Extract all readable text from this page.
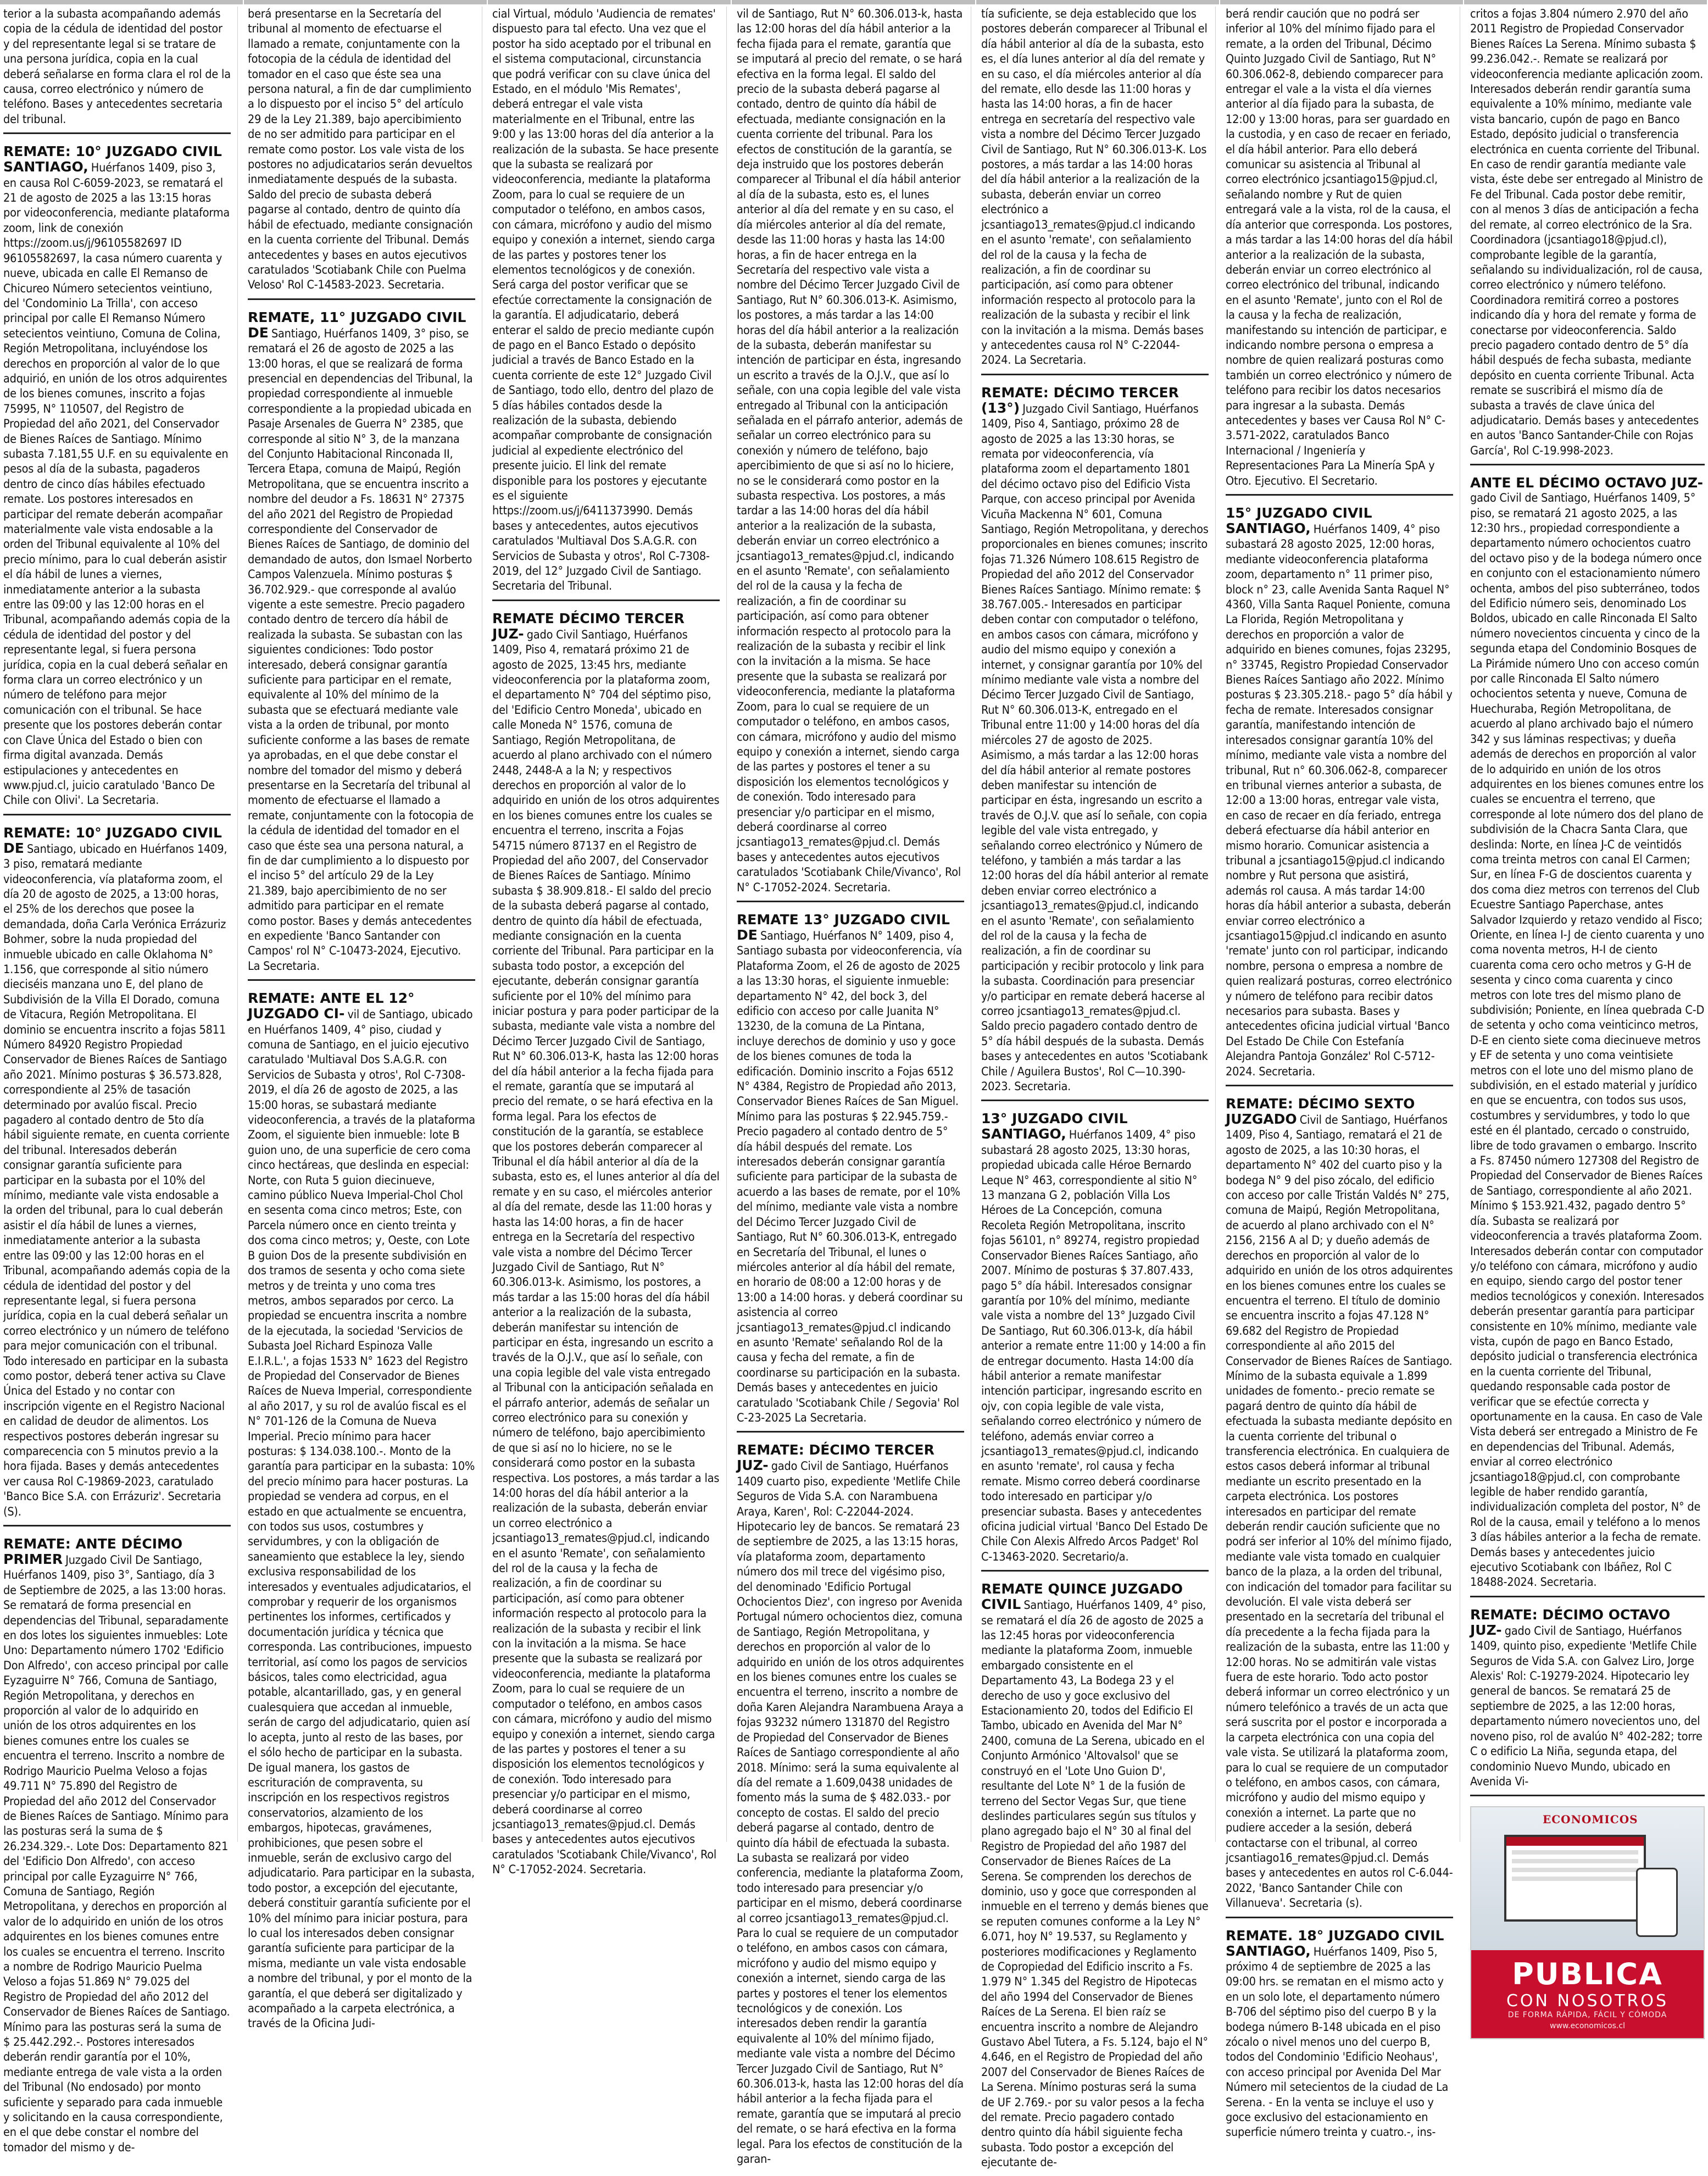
terior a la subasta acompañando además copia de la cédula de identidad del postor y del representante legal si se tratare de una persona jurídica, copia en la cual deberá señalarse en forma clara el rol de la causa, correo electrónico y número de teléfono. Bases y antecedentes secretaria del tribunal.
REMATE: 10° JUZGADO CIVIL SANTIAGO, Huérfanos 1409, piso 3, en causa Rol C-6059-2023, se rematará el 21 de agosto de 2025 a las 13:15 horas por videoconferencia, mediante plataforma zoom, link de conexión https://zoom.us/j/96105582697 ID 96105582697, la casa número cuarenta y nueve, ubicada en calle El Remanso de Chicureo Número setecientos veintiuno, del 'Condominio La Trilla', con acceso principal por calle El Remanso Número setecientos veintiuno, Comuna de Colina, Región Metropolitana, incluyéndose los derechos en proporción al valor de lo que adquirió, en unión de los otros adquirentes de los bienes comunes, inscrito a fojas 75995, N° 110507, del Registro de Propiedad del año 2021, del Conservador de Bienes Raíces de Santiago. Mínimo subasta 7.181,55 U.F. en su equivalente en pesos al día de la subasta, pagaderos dentro de cinco días hábiles efectuado remate. Los postores interesados en participar del remate deberán acompañar materialmente vale vista endosable a la orden del Tribunal equivalente al 10% del precio mínimo, para lo cual deberán asistir el día hábil de lunes a viernes, inmediatamente anterior a la subasta entre las 09:00 y las 12:00 horas en el Tribunal, acompañando además copia de la cédula de identidad del postor y del representante legal, si fuera persona jurídica, copia en la cual deberá señalar en forma clara un correo electrónico y un número de teléfono para mejor comunicación con el tribunal. Se hace presente que los postores deberán contar con Clave Única del Estado o bien con firma digital avanzada. Demás estipulaciones y antecedentes en www.pjud.cl, juicio caratulado 'Banco De Chile con Olivi'. La Secretaria.
REMATE: 10° JUZGADO CIVIL DE Santiago, ubicado en Huérfanos 1409, 3 piso, rematará mediante videoconferencia, vía plataforma zoom, el día 20 de agosto de 2025, a 13:00 horas, el 25% de los derechos que posee la demandada, doña Carla Verónica Errázuriz Bohmer, sobre la nuda propiedad del inmueble ubicado en calle Oklahoma N° 1.156, que corresponde al sitio número dieciséis manzana uno E, del plano de Subdivisión de la Villa El Dorado, comuna de Vitacura, Región Metropolitana. El dominio se encuentra inscrito a fojas 5811 Número 84920 Registro Propiedad Conservador de Bienes Raíces de Santiago año 2021. Mínimo posturas $ 36.573.828, correspondiente al 25% de tasación determinado por avalúo fiscal. Precio pagadero al contado dentro de 5to día hábil siguiente remate, en cuenta corriente del tribunal. Interesados deberán consignar garantía suficiente para participar en la subasta por el 10% del mínimo, mediante vale vista endosable a la orden del tribunal, para lo cual deberán asistir el día hábil de lunes a viernes, inmediatamente anterior a la subasta entre las 09:00 y las 12:00 horas en el Tribunal, acompañando además copia de la cédula de identidad del postor y del representante legal, si fuera persona jurídica, copia en la cual deberá señalar un correo electrónico y un número de teléfono para mejor comunicación con el tribunal. Todo interesado en participar en la subasta como postor, deberá tener activa su Clave Única del Estado y no contar con inscripción vigente en el Registro Nacional en calidad de deudor de alimentos. Los respectivos postores deberán ingresar su comparecencia con 5 minutos previo a la hora fijada. Bases y demás antecedentes ver causa Rol C-19869-2023, caratulado 'Banco Bice S.A. con Errázuriz'. Secretaria (S).
REMATE: ANTE DÉCIMO PRIMER Juzgado Civil De Santiago, Huérfanos 1409, piso 3°, Santiago, día 3 de Septiembre de 2025, a las 13:00 horas. Se rematará de forma presencial en dependencias del Tribunal, separadamente en dos lotes los siguientes inmuebles: Lote Uno: Departamento número 1702 'Edificio Don Alfredo', con acceso principal por calle Eyzaguirre N° 766, Comuna de Santiago, Región Metropolitana, y derechos en proporción al valor de lo adquirido en unión de los otros adquirentes en los bienes comunes entre los cuales se encuentra el terreno. Inscrito a nombre de Rodrigo Mauricio Puelma Veloso a fojas 49.711 N° 75.890 del Registro de Propiedad del año 2012 del Conservador de Bienes Raíces de Santiago. Mínimo para las posturas será la suma de $ 26.234.329.-. Lote Dos: Departamento 821 del 'Edificio Don Alfredo', con acceso principal por calle Eyzaguirre N° 766, Comuna de Santiago, Región Metropolitana, y derechos en proporción al valor de lo adquirido en unión de los otros adquirentes en los bienes comunes entre los cuales se encuentra el terreno. Inscrito a nombre de Rodrigo Mauricio Puelma Veloso a fojas 51.869 N° 79.025 del Registro de Propiedad del año 2012 del Conservador de Bienes Raíces de Santiago. Mínimo para las posturas será la suma de $ 25.442.292.-. Postores interesados deberán rendir garantía por el 10%, mediante entrega de vale vista a la orden del Tribunal (No endosado) por monto suficiente y separado para cada inmueble y solicitando en la causa correspondiente, en el que debe constar el nombre del tomador del mismo y de-
berá presentarse en la Secretaría del tribunal al momento de efectuarse el llamado a remate, conjuntamente con la fotocopia de la cédula de identidad del tomador en el caso que éste sea una persona natural, a fin de dar cumplimiento a lo dispuesto por el inciso 5° del artículo 29 de la Ley 21.389, bajo apercibimiento de no ser admitido para participar en el remate como postor. Los vale vista de los postores no adjudicatarios serán devueltos inmediatamente después de la subasta. Saldo del precio de subasta deberá pagarse al contado, dentro de quinto día hábil de efectuado, mediante consignación en la cuenta corriente del Tribunal. Demás antecedentes y bases en autos ejecutivos caratulados 'Scotiabank Chile con Puelma Veloso' Rol C-14583-2023. Secretaria.
REMATE, 11° JUZGADO CIVIL DE Santiago, Huérfanos 1409, 3° piso, se rematará el 26 de agosto de 2025 a las 13:00 horas, el que se realizará de forma presencial en dependencias del Tribunal, la propiedad correspondiente al inmueble correspondiente a la propiedad ubicada en Pasaje Arsenales de Guerra N° 2385, que corresponde al sitio N° 3, de la manzana del Conjunto Habitacional Rinconada II, Tercera Etapa, comuna de Maipú, Región Metropolitana, que se encuentra inscrito a nombre del deudor a Fs. 18631 N° 27375 del año 2021 del Registro de Propiedad correspondiente del Conservador de Bienes Raíces de Santiago, de dominio del demandado de autos, don Ismael Norberto Campos Valenzuela. Mínimo posturas $ 36.702.929.- que corresponde al avalúo vigente a este semestre. Precio pagadero contado dentro de tercero día hábil de realizada la subasta. Se subastan con las siguientes condiciones: Todo postor interesado, deberá consignar garantía suficiente para participar en el remate, equivalente al 10% del mínimo de la subasta que se efectuará mediante vale vista a la orden de tribunal, por monto suficiente conforme a las bases de remate ya aprobadas, en el que debe constar el nombre del tomador del mismo y deberá presentarse en la Secretaría del tribunal al momento de efectuarse el llamado a remate, conjuntamente con la fotocopia de la cédula de identidad del tomador en el caso que éste sea una persona natural, a fin de dar cumplimiento a lo dispuesto por el inciso 5° del artículo 29 de la Ley 21.389, bajo apercibimiento de no ser admitido para participar en el remate como postor. Bases y demás antecedentes en expediente 'Banco Santander con Campos' rol N° C-10473-2024, Ejecutivo. La Secretaria.
REMATE: ANTE EL 12° JUZGADO CI- vil de Santiago, ubicado en Huérfanos 1409, 4° piso, ciudad y comuna de Santiago, en el juicio ejecutivo caratulado 'Multiaval Dos S.A.G.R. con Servicios de Subasta y otros', Rol C-7308-2019, el día 26 de agosto de 2025, a las 15:00 horas, se subastará mediante videoconferencia, a través de la plataforma Zoom, el siguiente bien inmueble: lote B guion uno, de una superficie de cero coma cinco hectáreas, que deslinda en especial: Norte, con Ruta 5 guion diecinueve, camino público Nueva Imperial-Chol Chol en sesenta coma cinco metros; Este, con Parcela número once en ciento treinta y dos coma cinco metros; y, Oeste, con Lote B guion Dos de la presente subdivisión en dos tramos de sesenta y ocho coma siete metros y de treinta y uno coma tres metros, ambos separados por cerco. La propiedad se encuentra inscrita a nombre de la ejecutada, la sociedad 'Servicios de Subasta Joel Richard Espinoza Valle E.I.R.L.', a fojas 1533 N° 1623 del Registro de Propiedad del Conservador de Bienes Raíces de Nueva Imperial, correspondiente al año 2017, y su rol de avalúo fiscal es el N° 701-126 de la Comuna de Nueva Imperial. Precio mínimo para hacer posturas: $ 134.038.100.-. Monto de la garantía para participar en la subasta: 10% del precio mínimo para hacer posturas. La propiedad se vendera ad corpus, en el estado en que actualmente se encuentra, con todos sus usos, costumbres y servidumbres, y con la obligación de saneamiento que establece la ley, siendo exclusiva responsabilidad de los interesados y eventuales adjudicatarios, el comprobar y requerir de los organismos pertinentes los informes, certificados y documentación jurídica y técnica que corresponda. Las contribuciones, impuesto territorial, así como los pagos de servicios básicos, tales como electricidad, agua potable, alcantarillado, gas, y en general cualesquiera que accedan al inmueble, serán de cargo del adjudicatario, quien así lo acepta, junto al resto de las bases, por el sólo hecho de participar en la subasta. De igual manera, los gastos de escrituración de compraventa, su inscripción en los respectivos registros conservatorios, alzamiento de los embargos, hipotecas, gravámenes, prohibiciones, que pesen sobre el inmueble, serán de exclusivo cargo del adjudicatario. Para participar en la subasta, todo postor, a excepción del ejecutante, deberá constituir garantía suficiente por el 10% del mínimo para iniciar postura, para lo cual los interesados deben consignar garantía suficiente para participar de la misma, mediante un vale vista endosable a nombre del tribunal, y por el monto de la garantía, el que deberá ser digitalizado y acompañado a la carpeta electrónica, a través de la Oficina Judi-
cial Virtual, módulo 'Audiencia de remates' dispuesto para tal efecto. Una vez que el postor ha sido aceptado por el tribunal en el sistema computacional, circunstancia que podrá verificar con su clave única del Estado, en el módulo 'Mis Remates', deberá entregar el vale vista materialmente en el Tribunal, entre las 9:00 y las 13:00 horas del día anterior a la realización de la subasta. Se hace presente que la subasta se realizará por videoconferencia, mediante la plataforma Zoom, para lo cual se requiere de un computador o teléfono, en ambos casos, con cámara, micrófono y audio del mismo equipo y conexión a internet, siendo carga de las partes y postores tener los elementos tecnológicos y de conexión. Será carga del postor verificar que se efectúe correctamente la consignación de la garantía. El adjudicatario, deberá enterar el saldo de precio mediante cupón de pago en el Banco Estado o depósito judicial a través de Banco Estado en la cuenta corriente de este 12° Juzgado Civil de Santiago, todo ello, dentro del plazo de 5 días hábiles contados desde la realización de la subasta, debiendo acompañar comprobante de consignación judicial al expediente electrónico del presente juicio. El link del remate disponible para los postores y ejecutante es el siguiente https://zoom.us/j/6411373990. Demás bases y antecedentes, autos ejecutivos caratulados 'Multiaval Dos S.A.G.R. con Servicios de Subasta y otros', Rol C-7308-2019, del 12° Juzgado Civil de Santiago. Secretaria del Tribunal.
REMATE DÉCIMO TERCER JUZ- gado Civil Santiago, Huérfanos 1409, Piso 4, rematará próximo 21 de agosto de 2025, 13:45 hrs, mediante videoconferencia por la plataforma zoom, el departamento N° 704 del séptimo piso, del 'Edificio Centro Moneda', ubicado en calle Moneda N° 1576, comuna de Santiago, Región Metropolitana, de acuerdo al plano archivado con el número 2448, 2448-A a la N; y respectivos derechos en proporción al valor de lo adquirido en unión de los otros adquirentes en los bienes comunes entre los cuales se encuentra el terreno, inscrita a Fojas 54715 número 87137 en el Registro de Propiedad del año 2007, del Conservador de Bienes Raíces de Santiago. Mínimo subasta $ 38.909.818.- El saldo del precio de la subasta deberá pagarse al contado, dentro de quinto día hábil de efectuada, mediante consignación en la cuenta corriente del Tribunal. Para participar en la subasta todo postor, a excepción del ejecutante, deberán consignar garantía suficiente por el 10% del mínimo para iniciar postura y para poder participar de la subasta, mediante vale vista a nombre del Décimo Tercer Juzgado Civil de Santiago, Rut N° 60.306.013-K, hasta las 12:00 horas del día hábil anterior a la fecha fijada para el remate, garantía que se imputará al precio del remate, o se hará efectiva en la forma legal. Para los efectos de constitución de la garantía, se establece que los postores deberán comparecer al Tribunal el día hábil anterior al día de la subasta, esto es, el lunes anterior al día del remate y en su caso, el miércoles anterior al día del remate, desde las 11:00 horas y hasta las 14:00 horas, a fin de hacer entrega en la Secretaría del respectivo vale vista a nombre del Décimo Tercer Juzgado Civil de Santiago, Rut N° 60.306.013-k. Asimismo, los postores, a más tardar a las 15:00 horas del día hábil anterior a la realización de la subasta, deberán manifestar su intención de participar en ésta, ingresando un escrito a través de la O.J.V., que así lo señale, con una copia legible del vale vista entregado al Tribunal con la anticipación señalada en el párrafo anterior, además de señalar un correo electrónico para su conexión y número de teléfono, bajo apercibimiento de que si así no lo hiciere, no se le considerará como postor en la subasta respectiva. Los postores, a más tardar a las 14:00 horas del día hábil anterior a la realización de la subasta, deberán enviar un correo electrónico a jcsantiago13_remates@pjud.cl, indicando en el asunto 'Remate', con señalamiento del rol de la causa y la fecha de realización, a fin de coordinar su participación, así como para obtener información respecto al protocolo para la realización de la subasta y recibir el link con la invitación a la misma. Se hace presente que la subasta se realizará por videoconferencia, mediante la plataforma Zoom, para lo cual se requiere de un computador o teléfono, en ambos casos con cámara, micrófono y audio del mismo equipo y conexión a internet, siendo carga de las partes y postores el tener a su disposición los elementos tecnológicos y de conexión. Todo interesado para presenciar y/o participar en el mismo, deberá coordinarse al correo jcsantiago13_remates@pjud.cl. Demás bases y antecedentes autos ejecutivos caratulados 'Scotiabank Chile/Vivanco', Rol N° C-17052-2024. Secretaria.
vil de Santiago, Rut N° 60.306.013-k, hasta las 12:00 horas del día hábil anterior a la fecha fijada para el remate, garantía que se imputará al precio del remate, o se hará efectiva en la forma legal. El saldo del precio de la subasta deberá pagarse al contado, dentro de quinto día hábil de efectuada, mediante consignación en la cuenta corriente del tribunal. Para los efectos de constitución de la garantía, se deja instruido que los postores deberán comparecer al Tribunal el día hábil anterior al día de la subasta, esto es, el lunes anterior al día del remate y en su caso, el día miércoles anterior al día del remate, desde las 11:00 horas y hasta las 14:00 horas, a fin de hacer entrega en la Secretaría del respectivo vale vista a nombre del Décimo Tercer Juzgado Civil de Santiago, Rut N° 60.306.013-K. Asimismo, los postores, a más tardar a las 14:00 horas del día hábil anterior a la realización de la subasta, deberán manifestar su intención de participar en ésta, ingresando un escrito a través de la O.J.V., que así lo señale, con una copia legible del vale vista entregado al Tribunal con la anticipación señalada en el párrafo anterior, además de señalar un correo electrónico para su conexión y número de teléfono, bajo apercibimiento de que si así no lo hiciere, no se le considerará como postor en la subasta respectiva. Los postores, a más tardar a las 14:00 horas del día hábil anterior a la realización de la subasta, deberán enviar un correo electrónico a jcsantiago13_remates@pjud.cl, indicando en el asunto 'Remate', con señalamiento del rol de la causa y la fecha de realización, a fin de coordinar su participación, así como para obtener información respecto al protocolo para la realización de la subasta y recibir el link con la invitación a la misma. Se hace presente que la subasta se realizará por videoconferencia, mediante la plataforma Zoom, para lo cual se requiere de un computador o teléfono, en ambos casos, con cámara, micrófono y audio del mismo equipo y conexión a internet, siendo carga de las partes y postores el tener a su disposición los elementos tecnológicos y de conexión. Todo interesado para presenciar y/o participar en el mismo, deberá coordinarse al correo jcsantiago13_remates@pjud.cl. Demás bases y antecedentes autos ejecutivos caratulados 'Scotiabank Chile/Vivanco', Rol N° C-17052-2024. Secretaria.
REMATE 13° JUZGADO CIVIL DE Santiago, Huérfanos N° 1409, piso 4, Santiago subasta por videoconferencia, vía Plataforma Zoom, el 26 de agosto de 2025 a las 13:30 horas, el siguiente inmueble: departamento N° 42, del bock 3, del edificio con acceso por calle Juanita N° 13230, de la comuna de La Pintana, incluye derechos de dominio y uso y goce de los bienes comunes de toda la edificación. Dominio inscrito a Fojas 6512 N° 4384, Registro de Propiedad año 2013, Conservador Bienes Raíces de San Miguel. Mínimo para las posturas $ 22.945.759.- Precio pagadero al contado dentro de 5° día hábil después del remate. Los interesados deberán consignar garantía suficiente para participar de la subasta de acuerdo a las bases de remate, por el 10% del mínimo, mediante vale vista a nombre del Décimo Tercer Juzgado Civil de Santiago, Rut N° 60.306.013-K, entregado en Secretaría del Tribunal, el lunes o miércoles anterior al día hábil del remate, en horario de 08:00 a 12:00 horas y de 13:00 a 14:00 horas. y deberá coordinar su asistencia al correo jcsantiago13_remates@pjud.cl indicando en asunto 'Remate' señalando Rol de la causa y fecha del remate, a fin de coordinarse su participación en la subasta. Demás bases y antecedentes en juicio caratulado 'Scotiabank Chile / Segovia' Rol C-23-2025 La Secretaria.
REMATE: DÉCIMO TERCER JUZ- gado Civil de Santiago, Huérfanos 1409 cuarto piso, expediente 'Metlife Chile Seguros de Vida S.A. con Narambuena Araya, Karen', Rol: C-22044-2024. Hipotecario ley de bancos. Se rematará 23 de septiembre de 2025, a las 13:15 horas, vía plataforma zoom, departamento número dos mil trece del vigésimo piso, del denominado 'Edificio Portugal Ochocientos Diez', con ingreso por Avenida Portugal número ochocientos diez, comuna de Santiago, Región Metropolitana, y derechos en proporción al valor de lo adquirido en unión de los otros adquirentes en los bienes comunes entre los cuales se encuentra el terreno, inscrito a nombre de doña Karen Alejandra Narambuena Araya a fojas 93232 número 131870 del Registro de Propiedad del Conservador de Bienes Raíces de Santiago correspondiente al año 2018. Mínimo: será la suma equivalente al día del remate a 1.609,0438 unidades de fomento más la suma de $ 482.033.- por concepto de costas. El saldo del precio deberá pagarse al contado, dentro de quinto día hábil de efectuada la subasta. La subasta se realizará por video conferencia, mediante la plataforma Zoom, todo interesado para presenciar y/o participar en el mismo, deberá coordinarse al correo jcsantiago13_remates@pjud.cl. Para lo cual se requiere de un computador o teléfono, en ambos casos con cámara, micrófono y audio del mismo equipo y conexión a internet, siendo carga de las partes y postores el tener los elementos tecnológicos y de conexión. Los interesados deben rendir la garantía equivalente al 10% del mínimo fijado, mediante vale vista a nombre del Décimo Tercer Juzgado Civil de Santiago, Rut N° 60.306.013-k, hasta las 12:00 horas del día hábil anterior a la fecha fijada para el remate, garantía que se imputará al precio del remate, o se hará efectiva en la forma legal. Para los efectos de constitución de la garan-
tía suficiente, se deja establecido que los postores deberán comparecer al Tribunal el día hábil anterior al día de la subasta, esto es, el día lunes anterior al día del remate y en su caso, el día miércoles anterior al día del remate, ello desde las 11:00 horas y hasta las 14:00 horas, a fin de hacer entrega en secretaría del respectivo vale vista a nombre del Décimo Tercer Juzgado Civil de Santiago, Rut N° 60.306.013-K. Los postores, a más tardar a las 14:00 horas del día hábil anterior a la realización de la subasta, deberán enviar un correo electrónico a jcsantiago13_remates@pjud.cl indicando en el asunto 'remate', con señalamiento del rol de la causa y la fecha de realización, a fin de coordinar su participación, así como para obtener información respecto al protocolo para la realización de la subasta y recibir el link con la invitación a la misma. Demás bases y antecedentes causa rol N° C-22044-2024. La Secretaria.
REMATE: DÉCIMO TERCER (13°) Juzgado Civil Santiago, Huérfanos 1409, Piso 4, Santiago, próximo 28 de agosto de 2025 a las 13:30 horas, se remata por videoconferencia, vía plataforma zoom el departamento 1801 del décimo octavo piso del Edificio Vista Parque, con acceso principal por Avenida Vicuña Mackenna N° 601, Comuna Santiago, Región Metropolitana, y derechos proporcionales en bienes comunes; inscrito fojas 71.326 Número 108.615 Registro de Propiedad del año 2012 del Conservador Bienes Raíces Santiago. Mínimo remate: $ 38.767.005.- Interesados en participar deben contar con computador o teléfono, en ambos casos con cámara, micrófono y audio del mismo equipo y conexión a internet, y consignar garantía por 10% del mínimo mediante vale vista a nombre del Décimo Tercer Juzgado Civil de Santiago, Rut N° 60.306.013-K, entregado en el Tribunal entre 11:00 y 14:00 horas del día miércoles 27 de agosto de 2025. Asimismo, a más tardar a las 12:00 horas del día hábil anterior al remate postores deben manifestar su intención de participar en ésta, ingresando un escrito a través de O.J.V. que así lo señale, con copia legible del vale vista entregado, y señalando correo electrónico y Número de teléfono, y también a más tardar a las 12:00 horas del día hábil anterior al remate deben enviar correo electrónico a jcsantiago13_remates@pjud.cl, indicando en el asunto 'Remate', con señalamiento del rol de la causa y la fecha de realización, a fin de coordinar su participación y recibir protocolo y link para la subasta. Coordinación para presenciar y/o participar en remate deberá hacerse al correo jcsantiago13_remates@pjud.cl. Saldo precio pagadero contado dentro de 5° día hábil después de la subasta. Demás bases y antecedentes en autos 'Scotiabank Chile / Aguilera Bustos', Rol C—10.390-2023. Secretaria.
13° JUZGADO CIVIL SANTIAGO, Huérfanos 1409, 4° piso subastará 28 agosto 2025, 13:30 horas, propiedad ubicada calle Héroe Bernardo Leque N° 463, correspondiente al sitio N° 13 manzana G 2, población Villa Los Héroes de La Concepción, comuna Recoleta Región Metropolitana, inscrito fojas 56101, n° 89274, registro propiedad Conservador Bienes Raíces Santiago, año 2007. Mínimo de posturas $ 37.807.433, pago 5° día hábil. Interesados consignar garantía por 10% del mínimo, mediante vale vista a nombre del 13° Juzgado Civil De Santiago, Rut 60.306.013-k, día hábil anterior a remate entre 11:00 y 14:00 a fin de entregar documento. Hasta 14:00 día hábil anterior a remate manifestar intención participar, ingresando escrito en ojv, con copia legible de vale vista, señalando correo electrónico y número de teléfono, además enviar correo a jcsantiago13_remates@pjud.cl, indicando en asunto 'remate', rol causa y fecha remate. Mismo correo deberá coordinarse todo interesado en participar y/o presenciar subasta. Bases y antecedentes oficina judicial virtual 'Banco Del Estado De Chile Con Alexis Alfredo Arcos Padget' Rol C-13463-2020. Secretario/a.
REMATE QUINCE JUZGADO CIVIL Santiago, Huérfanos 1409, 4° piso, se rematará el día 26 de agosto de 2025 a las 12:45 horas por videoconferencia mediante la plataforma Zoom, inmueble embargado consistente en el Departamento 43, La Bodega 23 y el derecho de uso y goce exclusivo del Estacionamiento 20, todos del Edificio El Tambo, ubicado en Avenida del Mar N° 2400, comuna de La Serena, ubicado en el Conjunto Armónico 'Altovalsol' que se construyó en el 'Lote Uno Guion D', resultante del Lote N° 1 de la fusión de terreno del Sector Vegas Sur, que tiene deslindes particulares según sus títulos y plano agregado bajo el N° 30 al final del Registro de Propiedad del año 1987 del Conservador de Bienes Raíces de La Serena. Se comprenden los derechos de dominio, uso y goce que corresponden al inmueble en el terreno y demás bienes que se reputen comunes conforme a la Ley N° 6.071, hoy N° 19.537, su Reglamento y posteriores modificaciones y Reglamento de Copropiedad del Edificio inscrito a Fs. 1.979 N° 1.345 del Registro de Hipotecas del año 1994 del Conservador de Bienes Raíces de La Serena. El bien raíz se encuentra inscrito a nombre de Alejandro Gustavo Abel Tutera, a Fs. 5.124, bajo el N° 4.646, en el Registro de Propiedad del año 2007 del Conservador de Bienes Raíces de La Serena. Mínimo posturas será la suma de UF 2.769.- por su valor pesos a la fecha del remate. Precio pagadero contado dentro quinto día hábil siguiente fecha subasta. Todo postor a excepción del ejecutante de-
berá rendir caución que no podrá ser inferior al 10% del mínimo fijado para el remate, a la orden del Tribunal, Décimo Quinto Juzgado Civil de Santiago, Rut N° 60.306.062-8, debiendo comparecer para entregar el vale a la vista el día viernes anterior al día fijado para la subasta, de 12:00 y 13:00 horas, para ser guardado en la custodia, y en caso de recaer en feriado, el día hábil anterior. Para ello deberá comunicar su asistencia al Tribunal al correo electrónico jcsantiago15@pjud.cl, señalando nombre y Rut de quien entregará vale a la vista, rol de la causa, el día anterior que corresponda. Los postores, a más tardar a las 14:00 horas del día hábil anterior a la realización de la subasta, deberán enviar un correo electrónico al correo electrónico del tribunal, indicando en el asunto 'Remate', junto con el Rol de la causa y la fecha de realización, manifestando su intención de participar, e indicando nombre persona o empresa a nombre de quien realizará posturas como también un correo electrónico y número de teléfono para recibir los datos necesarios para ingresar a la subasta. Demás antecedentes y bases ver Causa Rol N° C-3.571-2022, caratulados Banco Internacional / Ingeniería y Representaciones Para La Minería SpA y Otro. Ejecutivo. El Secretario.
15° JUZGADO CIVIL SANTIAGO, Huérfanos 1409, 4° piso subastará 28 agosto 2025, 12:00 horas, mediante videoconferencia plataforma zoom, departamento n° 11 primer piso, block n° 23, calle Avenida Santa Raquel N° 4360, Villa Santa Raquel Poniente, comuna La Florida, Región Metropolitana y derechos en proporción a valor de adquirido en bienes comunes, fojas 23295, n° 33745, Registro Propiedad Conservador Bienes Raíces Santiago año 2022. Mínimo posturas $ 23.305.218.- pago 5° día hábil y fecha de remate. Interesados consignar garantía, manifestando intención de interesados consignar garantía 10% del mínimo, mediante vale vista a nombre del tribunal, Rut n° 60.306.062-8, comparecer en tribunal viernes anterior a subasta, de 12:00 a 13:00 horas, entregar vale vista, en caso de recaer en día feriado, entrega deberá efectuarse día hábil anterior en mismo horario. Comunicar asistencia a tribunal a jcsantiago15@pjud.cl indicando nombre y Rut persona que asistirá, además rol causa. A más tardar 14:00 horas día hábil anterior a subasta, deberán enviar correo electrónico a jcsantiago15@pjud.cl indicando en asunto 'remate' junto con rol participar, indicando nombre, persona o empresa a nombre de quien realizará posturas, correo electrónico y número de teléfono para recibir datos necesarios para subasta. Bases y antecedentes oficina judicial virtual 'Banco Del Estado De Chile Con Estefanía Alejandra Pantoja González' Rol C-5712-2024. Secretaria.
REMATE: DÉCIMO SEXTO JUZGADO Civil de Santiago, Huérfanos 1409, Piso 4, Santiago, rematará el 21 de agosto de 2025, a las 10:30 horas, el departamento N° 402 del cuarto piso y la bodega N° 9 del piso zócalo, del edificio con acceso por calle Tristán Valdés N° 275, comuna de Maipú, Región Metropolitana, de acuerdo al plano archivado con el N° 2156, 2156 A al D; y dueño además de derechos en proporción al valor de lo adquirido en unión de los otros adquirentes en los bienes comunes entre los cuales se encuentra el terreno. El título de dominio se encuentra inscrito a fojas 47.128 N° 69.682 del Registro de Propiedad correspondiente al año 2015 del Conservador de Bienes Raíces de Santiago. Mínimo de la subasta equivale a 1.899 unidades de fomento.- precio remate se pagará dentro de quinto día hábil de efectuada la subasta mediante depósito en la cuenta corriente del tribunal o transferencia electrónica. En cualquiera de estos casos deberá informar al tribunal mediante un escrito presentado en la carpeta electrónica. Los postores interesados en participar del remate deberán rendir caución suficiente que no podrá ser inferior al 10% del mínimo fijado, mediante vale vista tomado en cualquier banco de la plaza, a la orden del tribunal, con indicación del tomador para facilitar su devolución. El vale vista deberá ser presentado en la secretaría del tribunal el día precedente a la fecha fijada para la realización de la subasta, entre las 11:00 y 12:00 horas. No se admitirán vale vistas fuera de este horario. Todo acto postor deberá informar un correo electrónico y un número telefónico a través de un acta que será suscrita por el postor e incorporada a la carpeta electrónica con una copia del vale vista. Se utilizará la plataforma zoom, para lo cual se requiere de un computador o teléfono, en ambos casos, con cámara, micrófono y audio del mismo equipo y conexión a internet. La parte que no pudiere acceder a la sesión, deberá contactarse con el tribunal, al correo jcsantiago16_remates@pjud.cl. Demás bases y antecedentes en autos rol C-6.044-2022, 'Banco Santander Chile con Villanueva'. Secretaria (s).
REMATE. 18° JUZGADO CIVIL SANTIAGO, Huérfanos 1409, Piso 5, próximo 4 de septiembre de 2025 a las 09:00 hrs. se rematan en el mismo acto y en un solo lote, el departamento número B-706 del séptimo piso del cuerpo B y la bodega número B-148 ubicada en el piso zócalo o nivel menos uno del cuerpo B, todos del Condominio 'Edificio Neohaus', con acceso principal por Avenida Del Mar Número mil setecientos de la ciudad de La Serena. - En la venta se incluye el uso y goce exclusivo del estacionamiento en superficie número treinta y cuatro.-, ins-
critos a fojas 3.804 número 2.970 del año 2011 Registro de Propiedad Conservador Bienes Raíces La Serena. Mínimo subasta $ 99.236.042.-. Remate se realizará por videoconferencia mediante aplicación zoom. Interesados deberán rendir garantía suma equivalente a 10% mínimo, mediante vale vista bancario, cupón de pago en Banco Estado, depósito judicial o transferencia electrónica en cuenta corriente del Tribunal. En caso de rendir garantía mediante vale vista, éste debe ser entregado al Ministro de Fe del Tribunal. Cada postor debe remitir, con al menos 3 días de anticipación a fecha del remate, al correo electrónico de la Sra. Coordinadora (jcsantiago18@pjud.cl), comprobante legible de la garantía, señalando su individualización, rol de causa, correo electrónico y número teléfono. Coordinadora remitirá correo a postores indicando día y hora del remate y forma de conectarse por videoconferencia. Saldo precio pagadero contado dentro de 5° día hábil después de fecha subasta, mediante depósito en cuenta corriente Tribunal. Acta remate se suscribirá el mismo día de subasta a través de clave única del adjudicatario. Demás bases y antecedentes en autos 'Banco Santander-Chile con Rojas García', Rol C-19.998-2023.
ANTE EL DÉCIMO OCTAVO JUZ- gado Civil de Santiago, Huérfanos 1409, 5° piso, se rematará 21 agosto 2025, a las 12:30 hrs., propiedad correspondiente a departamento número ochocientos cuatro del octavo piso y de la bodega número once en conjunto con el estacionamiento número ochenta, ambos del piso subterráneo, todos del Edificio número seis, denominado Los Boldos, ubicado en calle Rinconada El Salto número novecientos cincuenta y cinco de la segunda etapa del Condominio Bosques de La Pirámide número Uno con acceso común por calle Rinconada El Salto número ochocientos setenta y nueve, Comuna de Huechuraba, Región Metropolitana, de acuerdo al plano archivado bajo el número 342 y sus láminas respectivas; y dueña además de derechos en proporción al valor de lo adquirido en unión de los otros adquirentes en los bienes comunes entre los cuales se encuentra el terreno, que corresponde al lote número dos del plano de subdivisión de la Chacra Santa Clara, que deslinda: Norte, en línea J-C de veintidós coma treinta metros con canal El Carmen; Sur, en línea F-G de doscientos cuarenta y dos coma diez metros con terrenos del Club Ecuestre Santiago Paperchase, antes Salvador Izquierdo y retazo vendido al Fisco; Oriente, en línea I-J de ciento cuarenta y uno coma noventa metros, H-I de ciento cuarenta coma cero ocho metros y G-H de sesenta y cinco coma cuarenta y cinco metros con lote tres del mismo plano de subdivisión; Poniente, en línea quebrada C-D de setenta y ocho coma veinticinco metros, D-E en ciento siete coma diecinueve metros y EF de setenta y uno coma veintisiete metros con el lote uno del mismo plano de subdivisión, en el estado material y jurídico en que se encuentra, con todos sus usos, costumbres y servidumbres, y todo lo que esté en él plantado, cercado o construido, libre de todo gravamen o embargo. Inscrito a Fs. 87450 número 127308 del Registro de Propiedad del Conservador de Bienes Raíces de Santiago, correspondiente al año 2021. Mínimo $ 153.921.432, pagado dentro 5° día. Subasta se realizará por videoconferencia a través plataforma Zoom. Interesados deberán contar con computador y/o teléfono con cámara, micrófono y audio en equipo, siendo cargo del postor tener medios tecnológicos y conexión. Interesados deberán presentar garantía para participar consistente en 10% mínimo, mediante vale vista, cupón de pago en Banco Estado, depósito judicial o transferencia electrónica en la cuenta corriente del Tribunal, quedando responsable cada postor de verificar que se efectúe correcta y oportunamente en la causa. En caso de Vale Vista deberá ser entregado a Ministro de Fe en dependencias del Tribunal. Además, enviar al correo electrónico jcsantiago18@pjud.cl, con comprobante legible de haber rendido garantía, individualización completa del postor, N° de Rol de la causa, email y teléfono a lo menos 3 días hábiles anterior a la fecha de remate. Demás bases y antecedentes juicio ejecutivo Scotiabank con Ibáñez, Rol C 18488-2024. Secretaria.
REMATE: DÉCIMO OCTAVO JUZ- gado Civil de Santiago, Huérfanos 1409, quinto piso, expediente 'Metlife Chile Seguros de Vida S.A. con Galvez Liro, Jorge Alexis' Rol: C-19279-2024. Hipotecario ley general de bancos. Se rematará 25 de septiembre de 2025, a las 12:00 horas, departamento número novecientos uno, del noveno piso, rol de avalúo N° 402-282; torre C o edificio La Niña, segunda etapa, del condominio Nuevo Mundo, ubicado en Avenida Vi-
ECONOMICOS
PUBLICA
CON NOSOTROS
DE FORMA RÁPIDA, FÁCIL Y CÓMODA
www.economicos.cl
